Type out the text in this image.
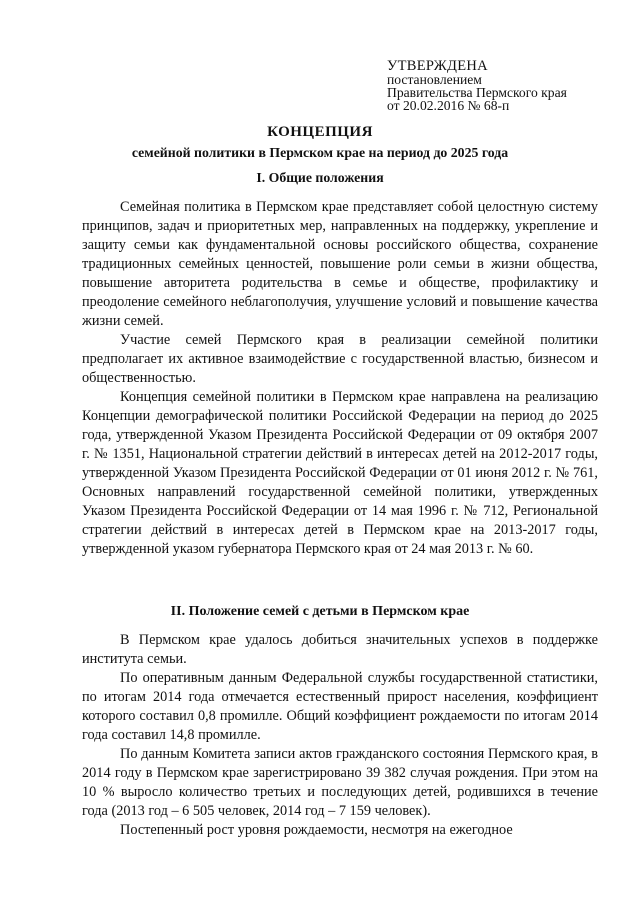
УТВЕРЖДЕНА
постановлением
Правительства Пермского края
от 20.02.2016 № 68-п
КОНЦЕПЦИЯ
семейной политики в Пермском крае на период до 2025 года
I. Общие положения

Семейная политика в Пермском крае представляет собой целостную систему принципов, задач и приоритетных мер, направленных на поддержку, укрепление и защиту семьи как фундаментальной основы российского общества, сохранение традиционных семейных ценностей, повышение роли семьи в жизни общества, повышение авторитета родительства в семье и обществе, профилактику и преодоление семейного неблагополучия, улучшение условий и повышение качества жизни семей.

Участие семей Пермского края в реализации семейной политики предполагает их активное взаимодействие с государственной властью, бизнесом и общественностью.

Концепция семейной политики в Пермском крае направлена на реализацию Концепции демографической политики Российской Федерации на период до 2025 года, утвержденной Указом Президента Российской Федерации от 09 октября 2007 г. № 1351, Национальной стратегии действий в интересах детей на 2012-2017 годы, утвержденной Указом Президента Российской Федерации от 01 июня 2012 г. № 761, Основных направлений государственной семейной политики, утвержденных Указом Президента Российской Федерации от 14 мая 1996 г. № 712, Региональной стратегии действий в интересах детей в Пермском крае на 2013-2017 годы, утвержденной указом губернатора Пермского края от 24 мая 2013 г. № 60.

II. Положение семей с детьми в Пермском крае

В Пермском крае удалось добиться значительных успехов в поддержке института семьи.

По оперативным данным Федеральной службы государственной статистики, по итогам 2014 года отмечается естественный прирост населения, коэффициент которого составил 0,8 промилле. Общий коэффициент рождаемости по итогам 2014 года составил 14,8 промилле.

По данным Комитета записи актов гражданского состояния Пермского края, в 2014 году в Пермском крае зарегистрировано 39 382 случая рождения. При этом на 10 % выросло количество третьих и последующих детей, родившихся в течение года (2013 год – 6 505 человек, 2014 год – 7 159 человек).

Постепенный рост уровня рождаемости, несмотря на ежегодное
